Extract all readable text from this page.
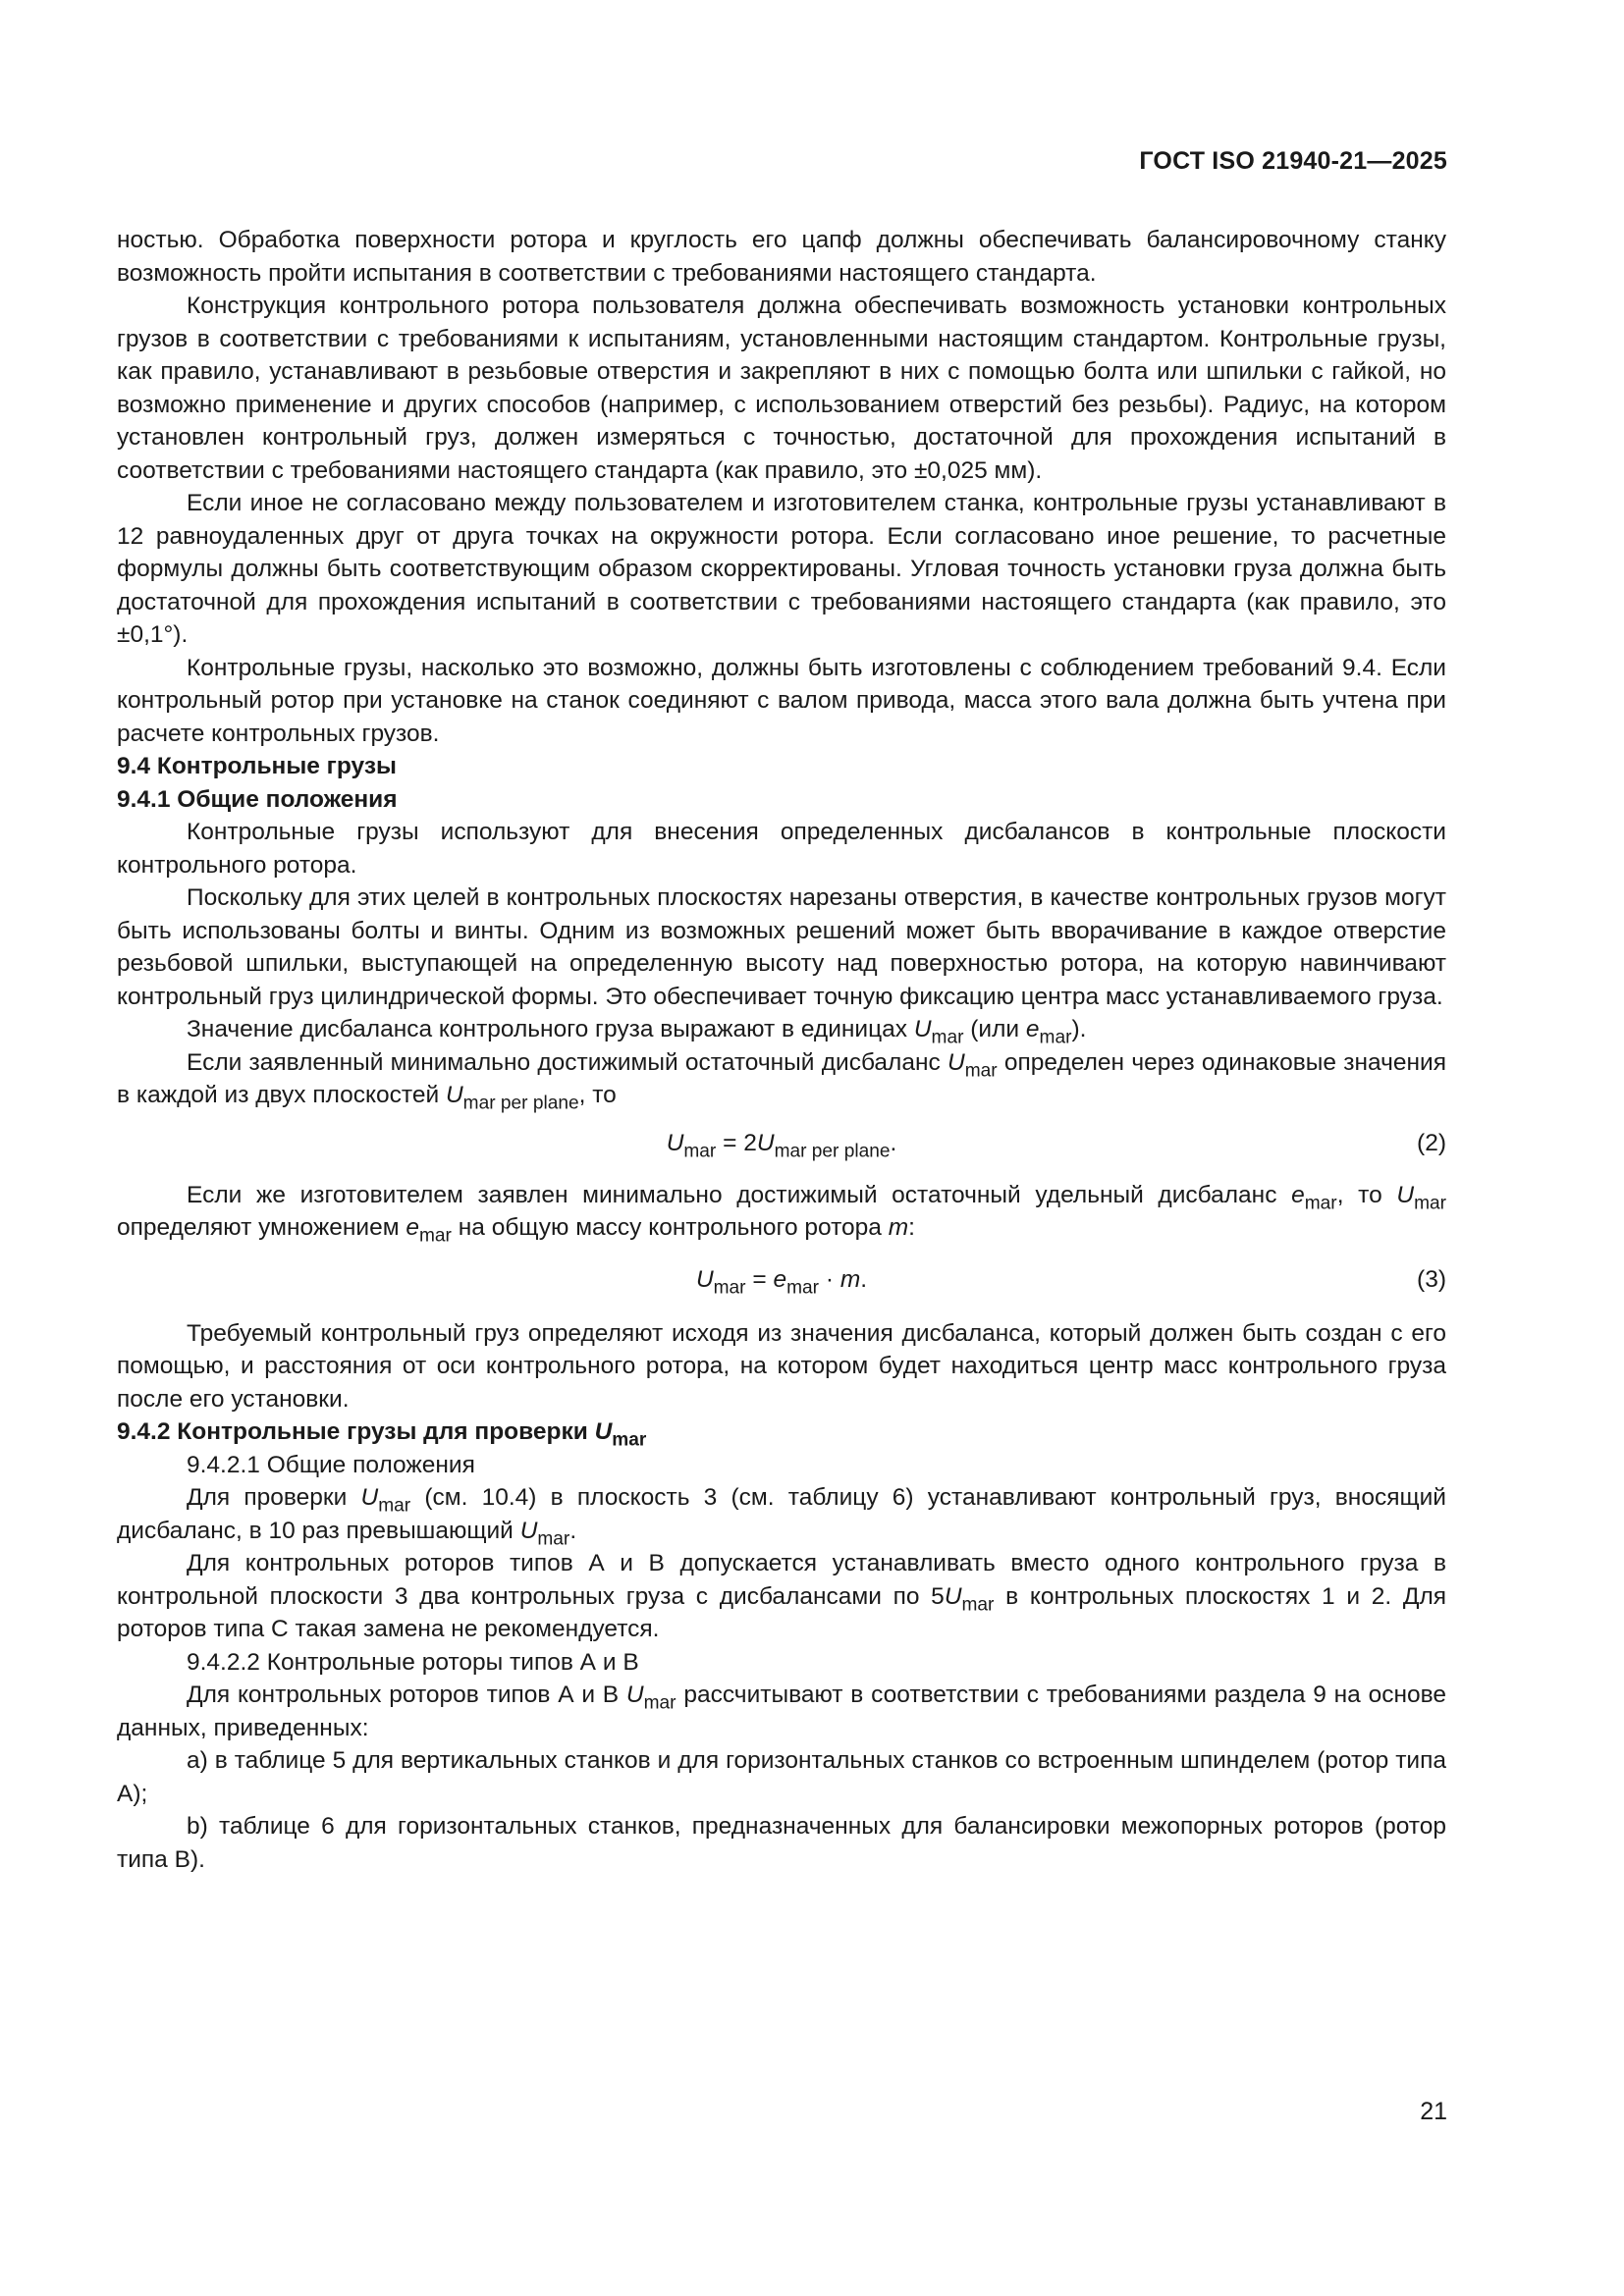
ГОСТ ISO 21940-21—2025

ностью. Обработка поверхности ротора и круглость его цапф должны обеспечивать балансировочному станку возможность пройти испытания в соответствии с требованиями настоящего стандарта.

Конструкция контрольного ротора пользователя должна обеспечивать возможность установки контрольных грузов в соответствии с требованиями к испытаниям, установленными настоящим стандартом. Контрольные грузы, как правило, устанавливают в резьбовые отверстия и закрепляют в них с помощью болта или шпильки с гайкой, но возможно применение и других способов (например, с использованием отверстий без резьбы). Радиус, на котором установлен контрольный груз, должен измеряться с точностью, достаточной для прохождения испытаний в соответствии с требованиями настоящего стандарта (как правило, это ±0,025 мм).

Если иное не согласовано между пользователем и изготовителем станка, контрольные грузы устанавливают в 12 равноудаленных друг от друга точках на окружности ротора. Если согласовано иное решение, то расчетные формулы должны быть соответствующим образом скорректированы. Угловая точность установки груза должна быть достаточной для прохождения испытаний в соответствии с требованиями настоящего стандарта (как правило, это ±0,1°).

Контрольные грузы, насколько это возможно, должны быть изготовлены с соблюдением требований 9.4. Если контрольный ротор при установке на станок соединяют с валом привода, масса этого вала должна быть учтена при расчете контрольных грузов.

9.4 Контрольные грузы

9.4.1 Общие положения

Контрольные грузы используют для внесения определенных дисбалансов в контрольные плоскости контрольного ротора.

Поскольку для этих целей в контрольных плоскостях нарезаны отверстия, в качестве контрольных грузов могут быть использованы болты и винты. Одним из возможных решений может быть вворачивание в каждое отверстие резьбовой шпильки, выступающей на определенную высоту над поверхностью ротора, на которую навинчивают контрольный груз цилиндрической формы. Это обеспечивает точную фиксацию центра масс устанавливаемого груза.

Значение дисбаланса контрольного груза выражают в единицах $U_{mar}$ (или $e_{mar}$).

Если заявленный минимально достижимый остаточный дисбаланс $U_{mar}$ определен через одинаковые значения в каждой из двух плоскостей $U_{mar per plane}$, то

$U_{mar} = 2U_{mar per plane}$.	(2)

Если же изготовителем заявлен минимально достижимый остаточный удельный дисбаланс $e_{mar}$, то $U_{mar}$ определяют умножением $e_{mar}$ на общую массу контрольного ротора m:

$U_{mar} = e_{mar} \cdot m$.	(3)

Требуемый контрольный груз определяют исходя из значения дисбаланса, который должен быть создан с его помощью, и расстояния от оси контрольного ротора, на котором будет находиться центр масс контрольного груза после его установки.

9.4.2 Контрольные грузы для проверки $U_{mar}$

9.4.2.1 Общие положения

Для проверки $U_{mar}$ (см. 10.4) в плоскость 3 (см. таблицу 6) устанавливают контрольный груз, вносящий дисбаланс, в 10 раз превышающий $U_{mar}$.

Для контрольных роторов типов А и В допускается устанавливать вместо одного контрольного груза в контрольной плоскости 3 два контрольных груза с дисбалансами по $5U_{mar}$ в контрольных плоскостях 1 и 2. Для роторов типа С такая замена не рекомендуется.

9.4.2.2 Контрольные роторы типов А и В

Для контрольных роторов типов А и В $U_{mar}$ рассчитывают в соответствии с требованиями раздела 9 на основе данных, приведенных:

а) в таблице 5 для вертикальных станков и для горизонтальных станков со встроенным шпинделем (ротор типа А);

b) таблице 6 для горизонтальных станков, предназначенных для балансировки межопорных роторов (ротор типа В).

21
